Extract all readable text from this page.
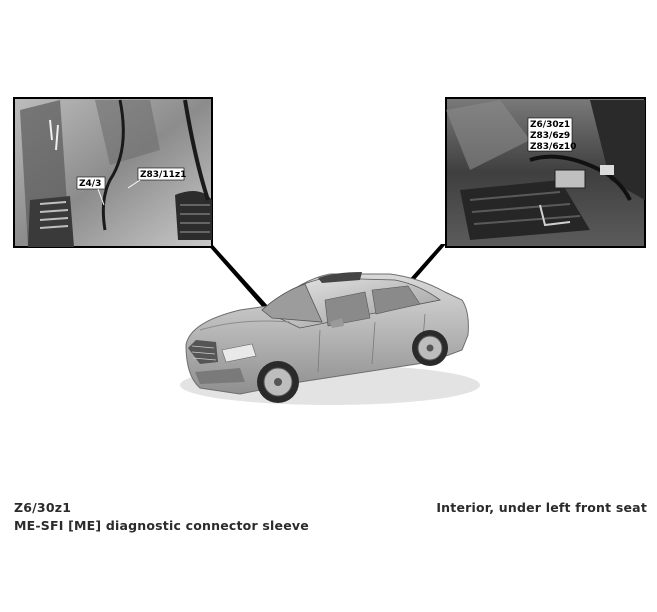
Z4/3
Z83/11z1
Z6/30z1
Z83/6z9
Z83/6z10
Z6/30z1
ME-SFI [ME] diagnostic connector sleeve
Interior, under left front seat
